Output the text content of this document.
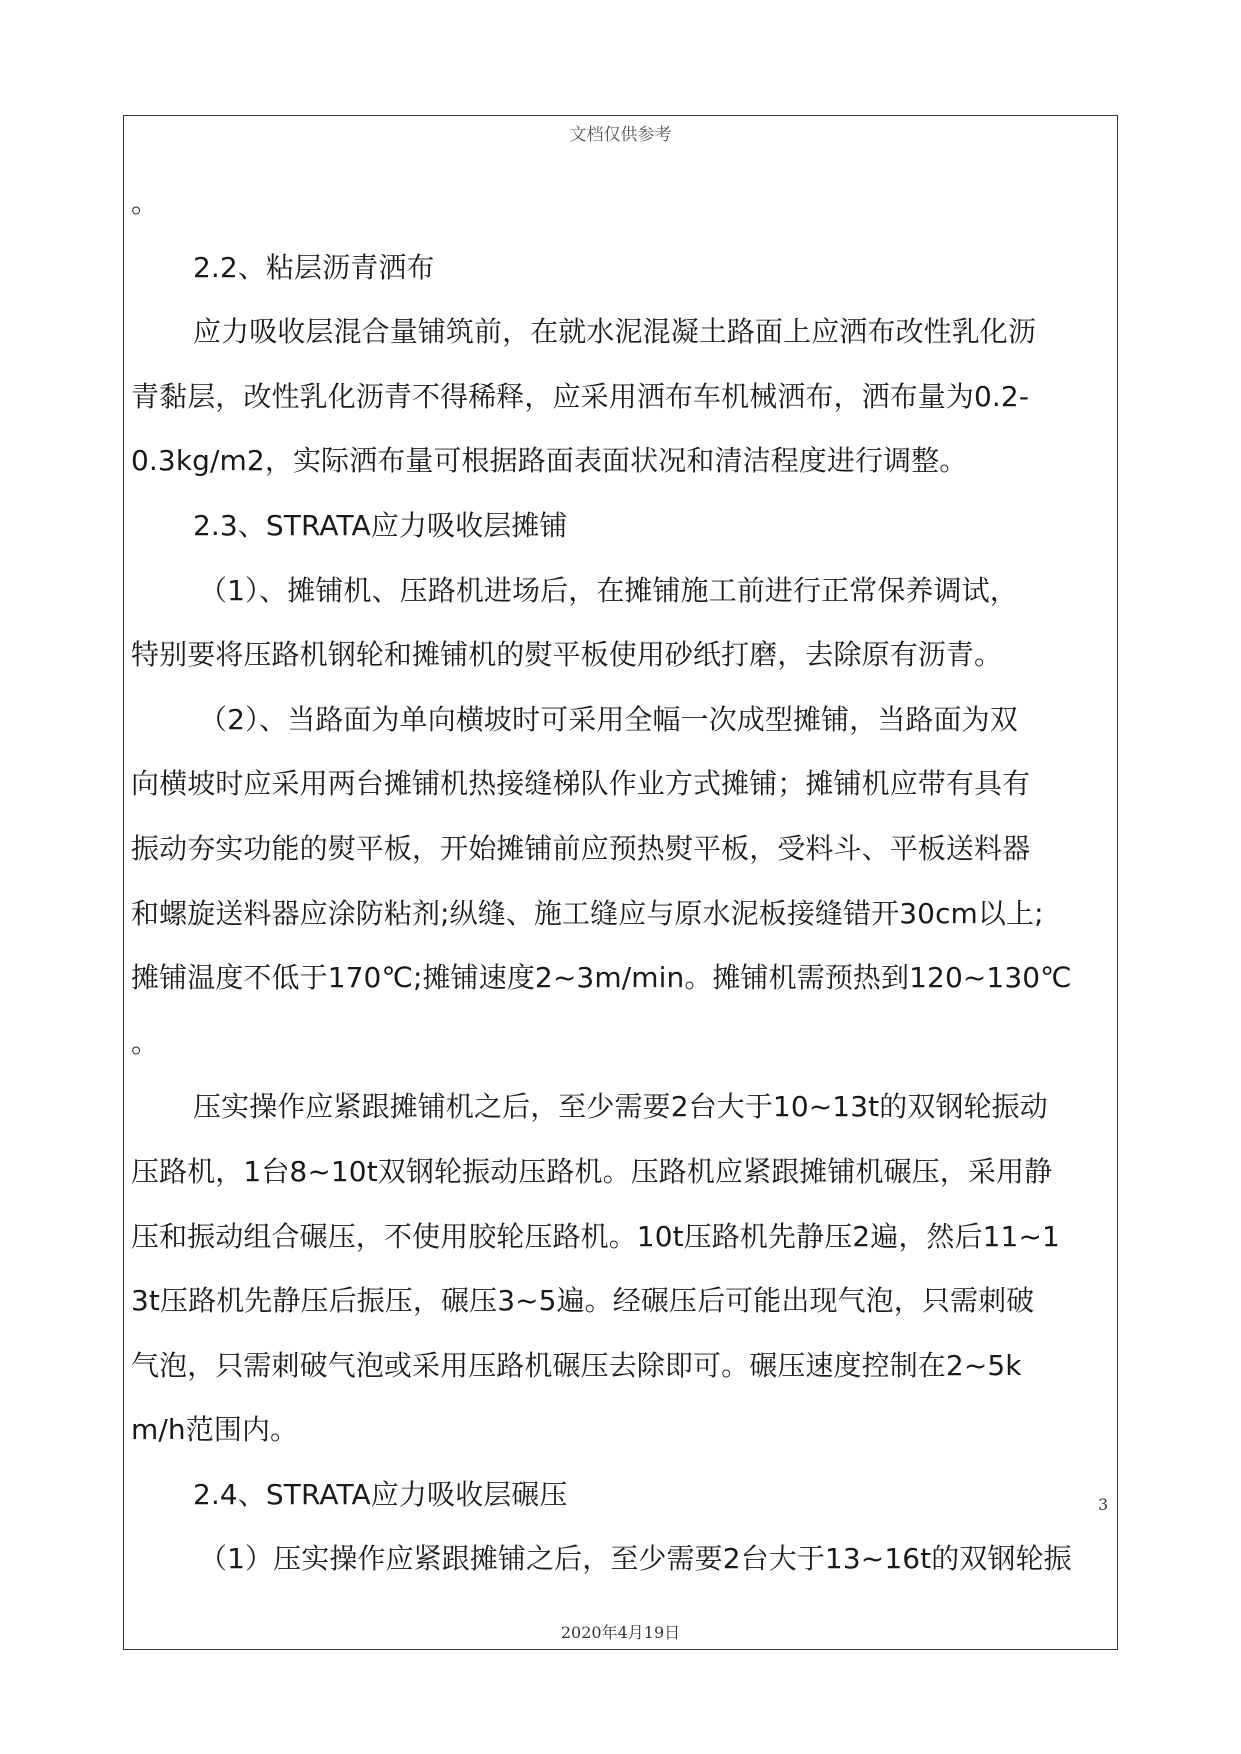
文档仅供参考
。
2.2、粘层沥青洒布
应力吸收层混合量铺筑前，在就水泥混凝土路面上应洒布改性乳化沥
青黏层，改性乳化沥青不得稀释，应采用洒布车机械洒布，洒布量为0.2-
0.3kg/m2，实际洒布量可根据路面表面状况和清洁程度进行调整。
2.3、STRATA应力吸收层摊铺
（1）、摊铺机、压路机进场后，在摊铺施工前进行正常保养调试，
特别要将压路机钢轮和摊铺机的熨平板使用砂纸打磨，去除原有沥青。
（2）、当路面为单向横坡时可采用全幅一次成型摊铺，当路面为双
向横坡时应采用两台摊铺机热接缝梯队作业方式摊铺；摊铺机应带有具有
振动夯实功能的熨平板，开始摊铺前应预热熨平板，受料斗、平板送料器
和螺旋送料器应涂防粘剂;纵缝、施工缝应与原水泥板接缝错开30cm以上;
摊铺温度不低于170℃;摊铺速度2~3m/min。摊铺机需预热到120~130℃
。
压实操作应紧跟摊铺机之后，至少需要2台大于10~13t的双钢轮振动
压路机，1台8~10t双钢轮振动压路机。压路机应紧跟摊铺机碾压，采用静
压和振动组合碾压，不使用胶轮压路机。10t压路机先静压2遍，然后11~1
3t压路机先静压后振压，碾压3~5遍。经碾压后可能出现气泡，只需刺破
气泡，只需刺破气泡或采用压路机碾压去除即可。碾压速度控制在2~5k
m/h范围内。
2.4、STRATA应力吸收层碾压
（1）压实操作应紧跟摊铺之后，至少需要2台大于13~16t的双钢轮振
3
2020年4月19日
